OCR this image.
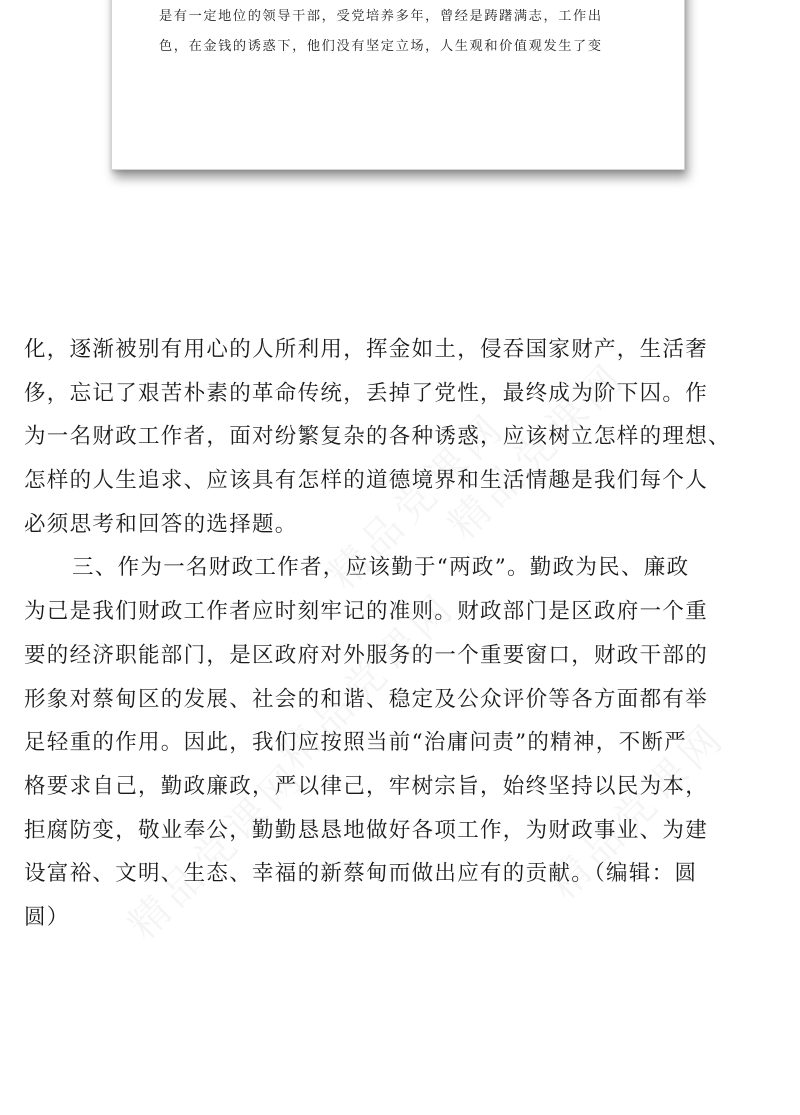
是有一定地位的领导干部，受党培养多年，曾经是踌躇满志，工作出
色，在金钱的诱惑下，他们没有坚定立场，人生观和价值观发生了变
化，逐渐被别有用心的人所利用，挥金如土，侵吞国家财产，生活奢
侈，忘记了艰苦朴素的革命传统，丢掉了党性，最终成为阶下囚。作
为一名财政工作者，面对纷繁复杂的各种诱惑，应该树立怎样的理想、
怎样的人生追求、应该具有怎样的道德境界和生活情趣是我们每个人
必须思考和回答的选择题。
三、作为一名财政工作者，应该勤于“两政”。勤政为民、廉政
为己是我们财政工作者应时刻牢记的准则。财政部门是区政府一个重
要的经济职能部门，是区政府对外服务的一个重要窗口，财政干部的
形象对蔡甸区的发展、社会的和谐、稳定及公众评价等各方面都有举
足轻重的作用。因此，我们应按照当前“治庸问责”的精神，不断严
格要求自己，勤政廉政，严以律己，牢树宗旨，始终坚持以民为本，
拒腐防变，敬业奉公，勤勤恳恳地做好各项工作，为财政事业、为建
设富裕、文明、生态、幸福的新蔡甸而做出应有的贡献。（编辑：圆
圆）
